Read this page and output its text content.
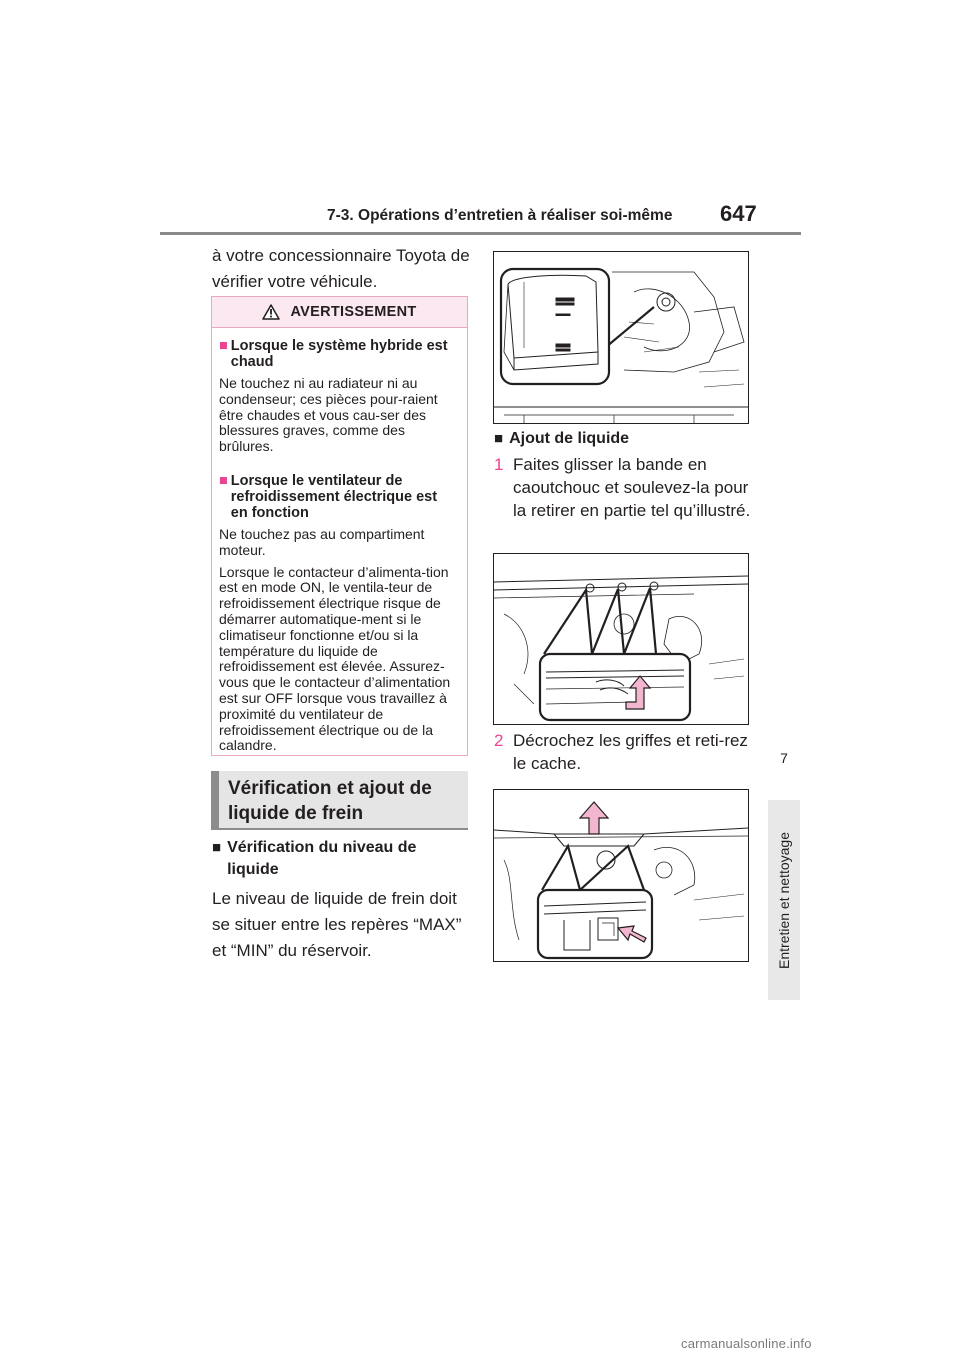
7-3. Opérations d’entretien à réaliser soi-même 647
7
Entretien et nettoyage
à votre concessionnaire Toyota de vérifier votre véhicule.
AVERTISSEMENT
■ Lorsque le système hybride est chaud
Ne touchez ni au radiateur ni au condenseur; ces pièces pour-raient être chaudes et vous cau-ser des blessures graves, comme des brûlures.
■ Lorsque le ventilateur de refroidissement électrique est en fonction
Ne touchez pas au compartiment moteur.
Lorsque le contacteur d’alimenta-tion est en mode ON, le ventila-teur de refroidissement électrique risque de démarrer automatique-ment si le climatiseur fonctionne et/ou si la température du liquide de refroidissement est élevée. Assurez-vous que le contacteur d’alimentation est sur OFF lorsque vous travaillez à proximité du ventilateur de refroidissement électrique ou de la calandre.
Vérification et ajout de liquide de frein
■ Vérification du niveau de liquide
Le niveau de liquide de frein doit se situer entre les repères “MAX” et “MIN” du réservoir.
■ Ajout de liquide
1 Faites glisser la bande en caoutchouc et soulevez-la pour la retirer en partie tel qu’illustré.
2 Décrochez les griffes et reti-rez le cache.
carmanualsonline.info
